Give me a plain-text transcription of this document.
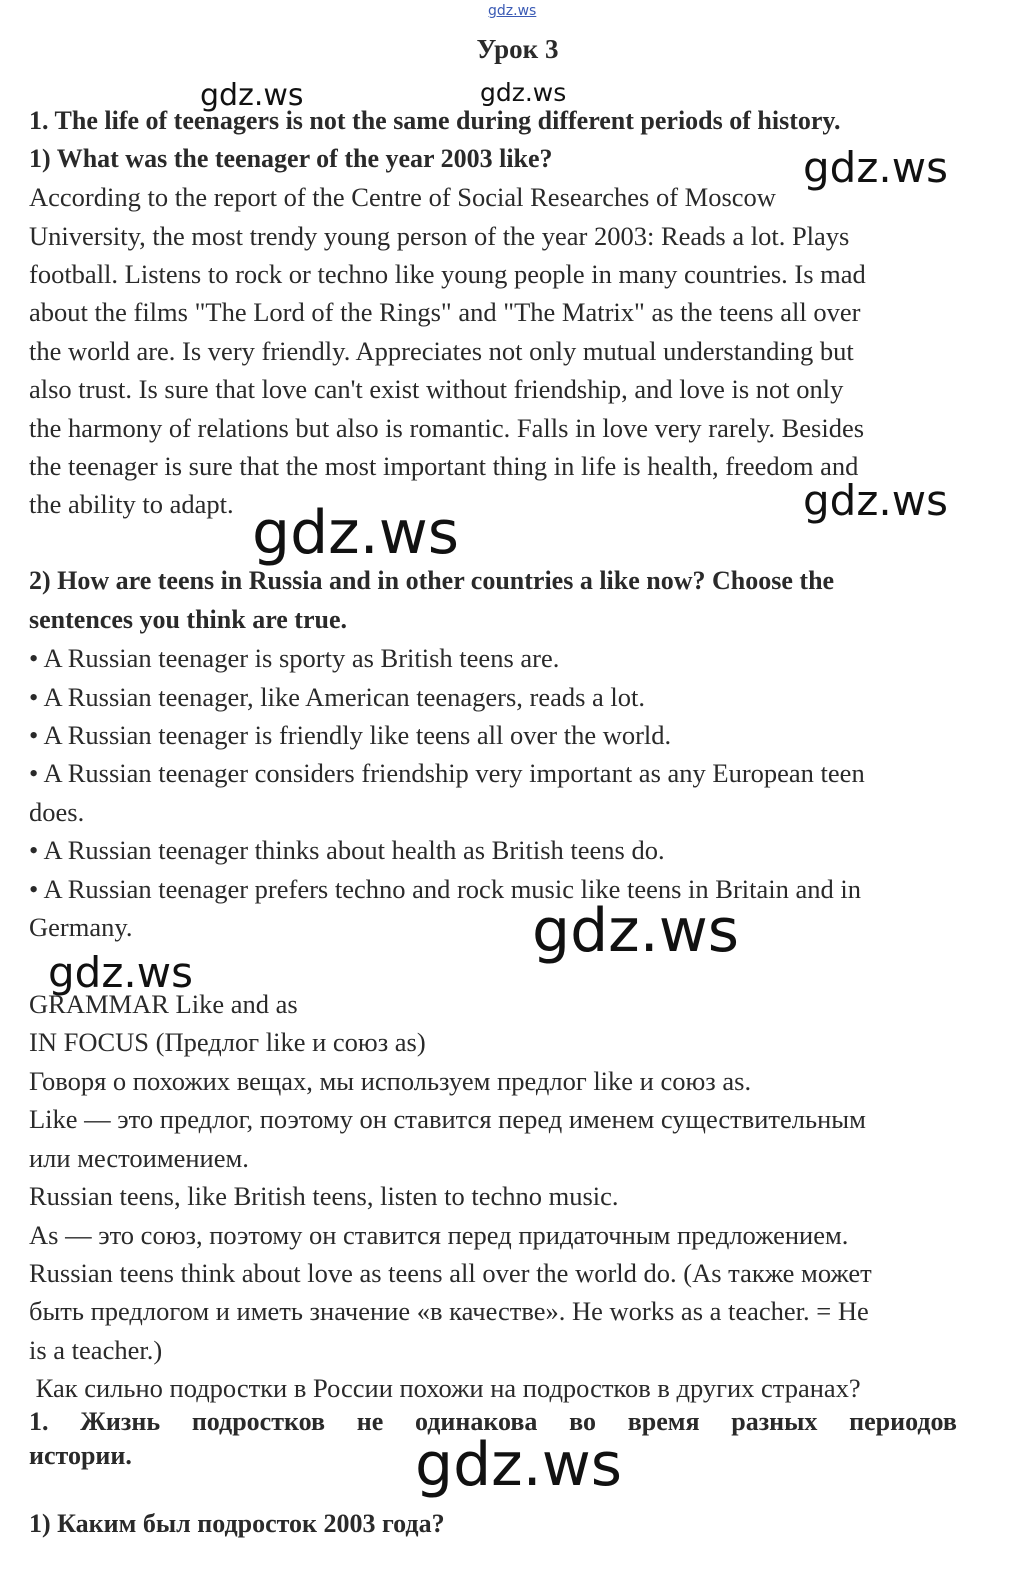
gdz.ws
Урок 3
1. The life of teenagers is not the same during different periods of history.
1) What was the teenager of the year 2003 like?
According to the report of the Centre of Social Researches of Moscow
University, the most trendy young person of the year 2003: Reads a lot. Plays
football. Listens to rock or techno like young people in many countries. Is mad
about the films "The Lord of the Rings" and "The Matrix" as the teens all over
the world are. Is very friendly. Appreciates not only mutual understanding but
also trust. Is sure that love can't exist without friendship, and love is not only
the harmony of relations but also is romantic. Falls in love very rarely. Besides
the teenager is sure that the most important thing in life is health, freedom and
the ability to adapt.
2) How are teens in Russia and in other countries a like now? Choose the
sentences you think are true.
• A Russian teenager is sporty as British teens are.
• A Russian teenager, like American teenagers, reads a lot.
• A Russian teenager is friendly like teens all over the world.
• A Russian teenager considers friendship very important as any European teen
does.
• A Russian teenager thinks about health as British teens do.
• A Russian teenager prefers techno and rock music like teens in Britain and in
Germany.
GRAMMAR Like and as
IN FOCUS (Предлог like и союз as)
Говоря о похожих вещах, мы используем предлог like и союз as.
Like — это предлог, поэтому он ставится перед именем существительным
или местоимением.
Russian teens, like British teens, listen to techno music.
As — это союз, поэтому он ставится перед придаточным предложением.
Russian teens think about love as teens all over the world do. (As также может
быть предлогом и иметь значение «в качестве». He works as a teacher. = He
is a teacher.)
Как сильно подростки в России похожи на подростков в других странах?
1. Жизнь подростков не одинакова во время разных периодов
истории.
1) Каким был подросток 2003 года?
gdz.ws	gdz.ws
gdz.ws
gdz.ws
gdz.ws
gdz.ws
gdz.ws
gdz.ws
